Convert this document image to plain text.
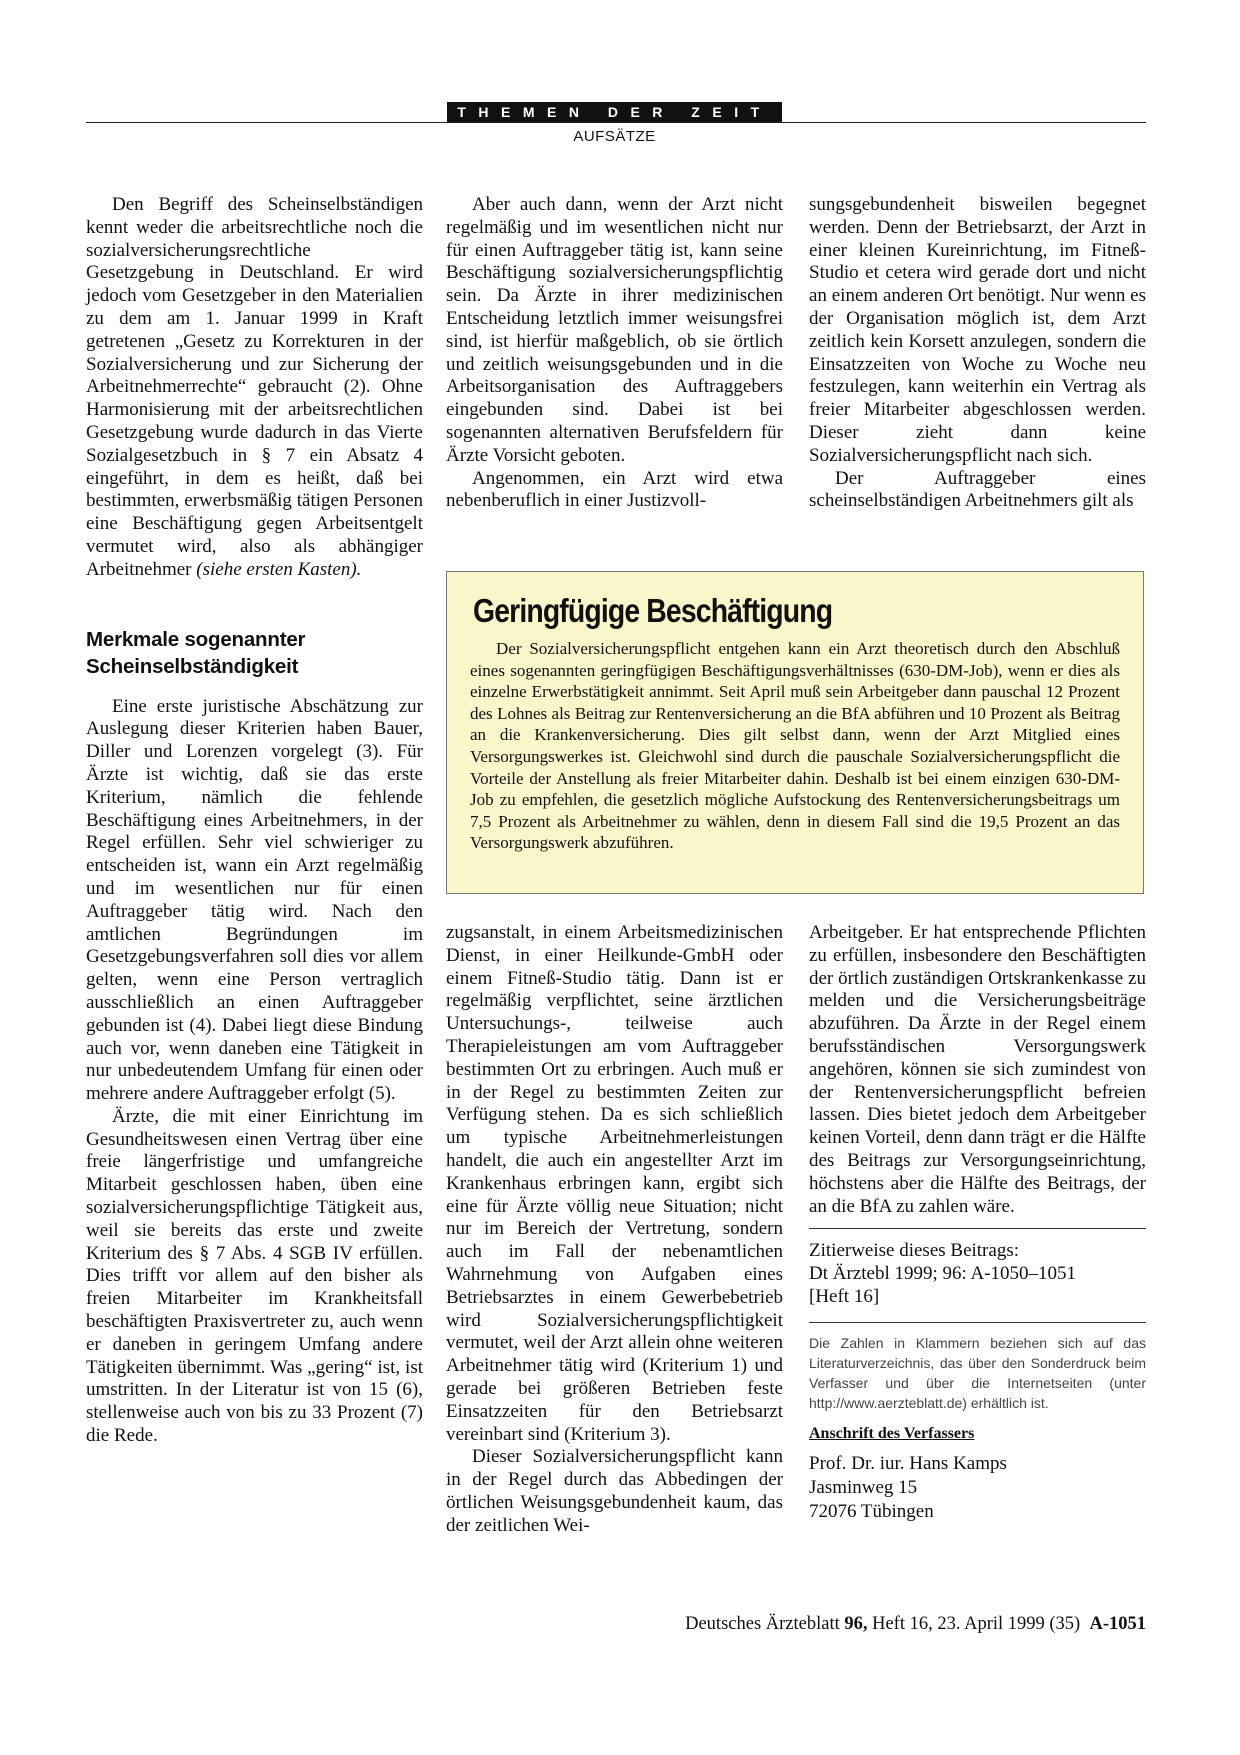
THEMEN DER ZEIT
AUFSÄTZE

Den Begriff des Scheinselbständigen kennt weder die arbeitsrechtliche noch die sozialversicherungsrechtliche Gesetzgebung in Deutschland. Er wird jedoch vom Gesetzgeber in den Materialien zu dem am 1. Januar 1999 in Kraft getretenen „Gesetz zu Korrekturen in der Sozialversicherung und zur Sicherung der Arbeitnehmerrechte“ gebraucht (2). Ohne Harmonisierung mit der arbeitsrechtlichen Gesetzgebung wurde dadurch in das Vierte Sozialgesetzbuch in § 7 ein Absatz 4 eingeführt, in dem es heißt, daß bei bestimmten, erwerbsmäßig tätigen Personen eine Beschäftigung gegen Arbeitsentgelt vermutet wird, also als abhängiger Arbeitnehmer (siehe ersten Kasten).

Merkmale sogenannter Scheinselbständigkeit

Eine erste juristische Abschätzung zur Auslegung dieser Kriterien haben Bauer, Diller und Lorenzen vorgelegt (3). Für Ärzte ist wichtig, daß sie das erste Kriterium, nämlich die fehlende Beschäftigung eines Arbeitnehmers, in der Regel erfüllen. Sehr viel schwieriger zu entscheiden ist, wann ein Arzt regelmäßig und im wesentlichen nur für einen Auftraggeber tätig wird. Nach den amtlichen Begründungen im Gesetzgebungsverfahren soll dies vor allem gelten, wenn eine Person vertraglich ausschließlich an einen Auftraggeber gebunden ist (4). Dabei liegt diese Bindung auch vor, wenn daneben eine Tätigkeit in nur unbedeutendem Umfang für einen oder mehrere andere Auftraggeber erfolgt (5).

Ärzte, die mit einer Einrichtung im Gesundheitswesen einen Vertrag über eine freie längerfristige und umfangreiche Mitarbeit geschlossen haben, üben eine sozialversicherungspflichtige Tätigkeit aus, weil sie bereits das erste und zweite Kriterium des § 7 Abs. 4 SGB IV erfüllen. Dies trifft vor allem auf den bisher als freien Mitarbeiter im Krankheitsfall beschäftigten Praxisvertreter zu, auch wenn er daneben in geringem Umfang andere Tätigkeiten übernimmt. Was „gering“ ist, ist umstritten. In der Literatur ist von 15 (6), stellenweise auch von bis zu 33 Prozent (7) die Rede.

Aber auch dann, wenn der Arzt nicht regelmäßig und im wesentlichen nicht nur für einen Auftraggeber tätig ist, kann seine Beschäftigung sozialversicherungspflichtig sein. Da Ärzte in ihrer medizinischen Entscheidung letztlich immer weisungsfrei sind, ist hierfür maßgeblich, ob sie örtlich und zeitlich weisungsgebunden und in die Arbeitsorganisation des Auftraggebers eingebunden sind. Dabei ist bei sogenannten alternativen Berufsfeldern für Ärzte Vorsicht geboten.

Angenommen, ein Arzt wird etwa nebenberuflich in einer Justizvoll-

sungsgebundenheit bisweilen begegnet werden. Denn der Betriebsarzt, der Arzt in einer kleinen Kureinrichtung, im Fitneß-Studio et cetera wird gerade dort und nicht an einem anderen Ort benötigt. Nur wenn es der Organisation möglich ist, dem Arzt zeitlich kein Korsett anzulegen, sondern die Einsatzzeiten von Woche zu Woche neu festzulegen, kann weiterhin ein Vertrag als freier Mitarbeiter abgeschlossen werden. Dieser zieht dann keine Sozialversicherungspflicht nach sich.

Der Auftraggeber eines scheinselbständigen Arbeitnehmers gilt als

Geringfügige Beschäftigung

Der Sozialversicherungspflicht entgehen kann ein Arzt theoretisch durch den Abschluß eines sogenannten geringfügigen Beschäftigungsverhältnisses (630-DM-Job), wenn er dies als einzelne Erwerbstätigkeit annimmt. Seit April muß sein Arbeitgeber dann pauschal 12 Prozent des Lohnes als Beitrag zur Rentenversicherung an die BfA abführen und 10 Prozent als Beitrag an die Krankenversicherung. Dies gilt selbst dann, wenn der Arzt Mitglied eines Versorgungswerkes ist. Gleichwohl sind durch die pauschale Sozialversicherungspflicht die Vorteile der Anstellung als freier Mitarbeiter dahin. Deshalb ist bei einem einzigen 630-DM-Job zu empfehlen, die gesetzlich mögliche Aufstockung des Rentenversicherungsbeitrags um 7,5 Prozent als Arbeitnehmer zu wählen, denn in diesem Fall sind die 19,5 Prozent an das Versorgungswerk abzuführen.

zugsanstalt, in einem Arbeitsmedizinischen Dienst, in einer Heilkunde-GmbH oder einem Fitneß-Studio tätig. Dann ist er regelmäßig verpflichtet, seine ärztlichen Untersuchungs-, teilweise auch Therapieleistungen am vom Auftraggeber bestimmten Ort zu erbringen. Auch muß er in der Regel zu bestimmten Zeiten zur Verfügung stehen. Da es sich schließlich um typische Arbeitnehmerleistungen handelt, die auch ein angestellter Arzt im Krankenhaus erbringen kann, ergibt sich eine für Ärzte völlig neue Situation; nicht nur im Bereich der Vertretung, sondern auch im Fall der nebenamtlichen Wahrnehmung von Aufgaben eines Betriebsarztes in einem Gewerbebetrieb wird Sozialversicherungspflichtigkeit vermutet, weil der Arzt allein ohne weiteren Arbeitnehmer tätig wird (Kriterium 1) und gerade bei größeren Betrieben feste Einsatzzeiten für den Betriebsarzt vereinbart sind (Kriterium 3).

Dieser Sozialversicherungspflicht kann in der Regel durch das Abbedingen der örtlichen Weisungsgebundenheit kaum, das der zeitlichen Wei-

Arbeitgeber. Er hat entsprechende Pflichten zu erfüllen, insbesondere den Beschäftigten der örtlich zuständigen Ortskrankenkasse zu melden und die Versicherungsbeiträge abzuführen. Da Ärzte in der Regel einem berufsständischen Versorgungswerk angehören, können sie sich zumindest von der Rentenversicherungspflicht befreien lassen. Dies bietet jedoch dem Arbeitgeber keinen Vorteil, denn dann trägt er die Hälfte des Beitrags zur Versorgungseinrichtung, höchstens aber die Hälfte des Beitrags, der an die BfA zu zahlen wäre.

Zitierweise dieses Beitrags:
Dt Ärztebl 1999; 96: A-1050–1051
[Heft 16]

Die Zahlen in Klammern beziehen sich auf das Literaturverzeichnis, das über den Sonderdruck beim Verfasser und über die Internetseiten (unter http://www.aerzteblatt.de) erhältlich ist.

Anschrift des Verfassers
Prof. Dr. iur. Hans Kamps
Jasminweg 15
72076 Tübingen
Deutsches Ärzteblatt 96, Heft 16, 23. April 1999 (35) A-1051
